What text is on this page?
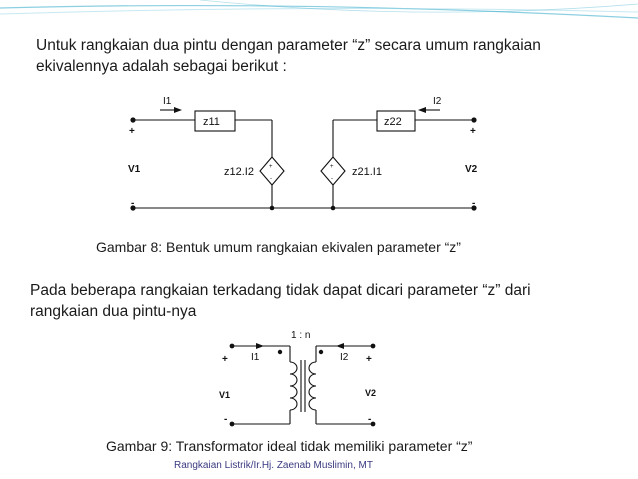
Untuk rangkaian dua pintu dengan parameter “z” secara umum rangkaian
ekivalennya adalah sebagai berikut :
I1	I2
z11	z22
+	+
V1	V2
z12.I2	z21.I1
-	-
+
-
+
-
Gambar 8: Bentuk umum rangkaian ekivalen parameter “z”
Pada beberapa rangkaian terkadang tidak dapat dicari parameter “z” dari
rangkaian dua pintu-nya
1 : n
I1	I2
+	+
V1	V2
-	-
Gambar 9: Transformator ideal tidak memiliki parameter “z”
Rangkaian Listrik/Ir.Hj. Zaenab Muslimin, MT
